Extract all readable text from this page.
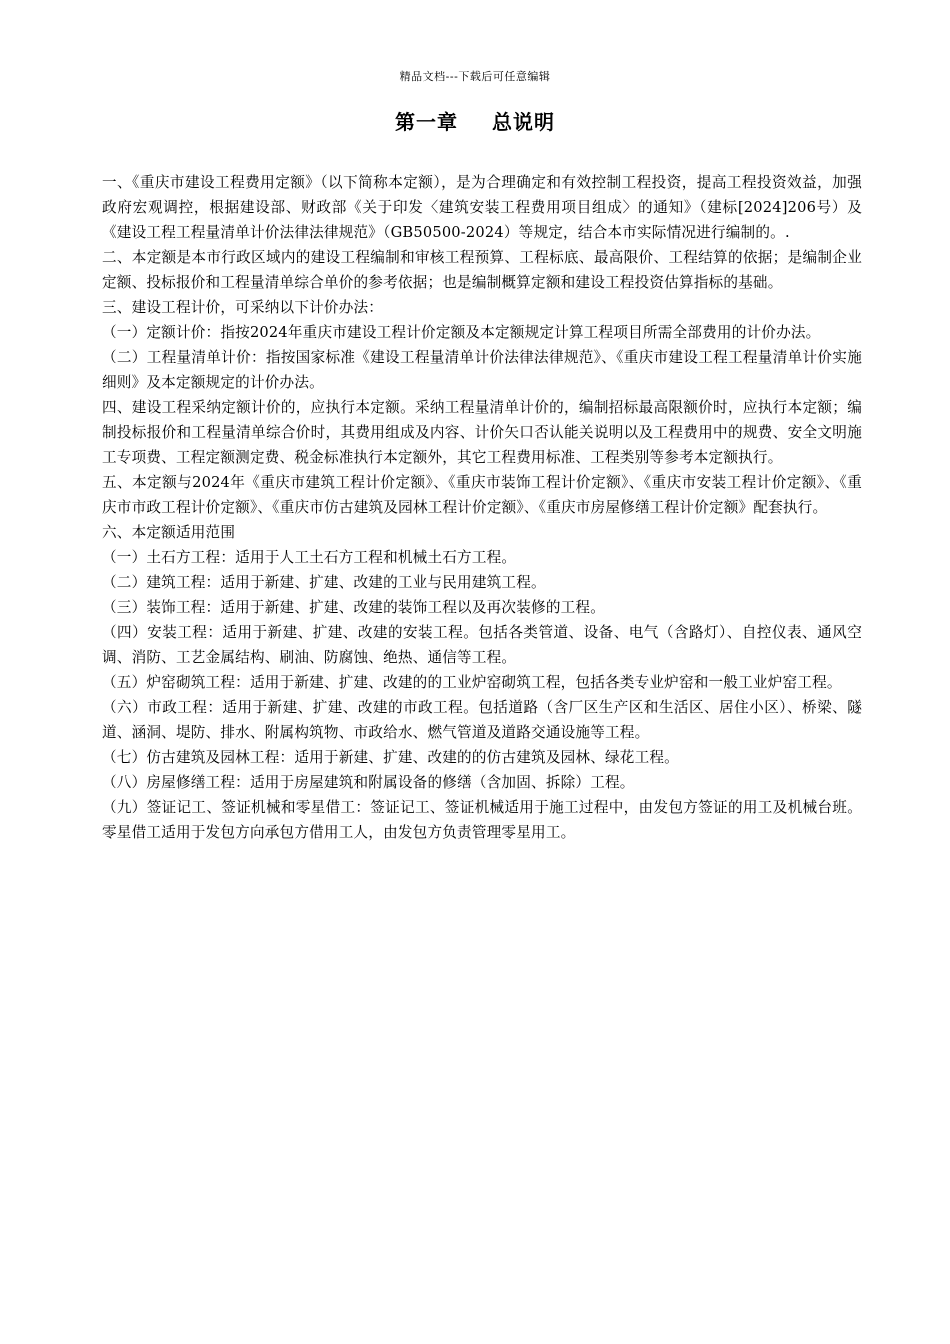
精品文档---下载后可任意编辑
第一章 总说明

一、《重庆市建设工程费用定额》（以下简称本定额），是为合理确定和有效控制工程投资，提高工程投资效益，加强政府宏观调控，根据建设部、财政部《关于印发〈建筑安装工程费用项目组成〉的通知》（建标[2024]206号）及《建设工程工程量清单计价法律法律规范》（GB50500-2024）等规定，结合本市实际情况进行编制的。.

二、本定额是本市行政区域内的建设工程编制和审核工程预算、工程标底、最高限价、工程结算的依据；是编制企业定额、投标报价和工程量清单综合单价的参考依据；也是编制概算定额和建设工程投资估算指标的基础。

三、建设工程计价，可采纳以下计价办法：

（一）定额计价：指按2024年重庆市建设工程计价定额及本定额规定计算工程项目所需全部费用的计价办法。

（二）工程量清单计价：指按国家标准《建设工程量清单计价法律法律规范》、《重庆市建设工程工程量清单计价实施细则》及本定额规定的计价办法。

四、建设工程采纳定额计价的，应执行本定额。采纳工程量清单计价的，编制招标最高限额价时，应执行本定额；编制投标报价和工程量清单综合价时，其费用组成及内容、计价矢口否认能关说明以及工程费用中的规费、安全文明施工专项费、工程定额测定费、税金标准执行本定额外，其它工程费用标准、工程类别等参考本定额执行。

五、本定额与2024年《重庆市建筑工程计价定额》、《重庆市装饰工程计价定额》、《重庆市安装工程计价定额》、《重庆市市政工程计价定额》、《重庆市仿古建筑及园林工程计价定额》、《重庆市房屋修缮工程计价定额》配套执行。

六、本定额适用范围

（一）土石方工程：适用于人工土石方工程和机械土石方工程。

（二）建筑工程：适用于新建、扩建、改建的工业与民用建筑工程。

（三）装饰工程：适用于新建、扩建、改建的装饰工程以及再次装修的工程。

（四）安装工程：适用于新建、扩建、改建的安装工程。包括各类管道、设备、电气（含路灯）、自控仪表、通风空调、消防、工艺金属结构、刷油、防腐蚀、绝热、通信等工程。

（五）炉窑砌筑工程：适用于新建、扩建、改建的的工业炉窑砌筑工程，包括各类专业炉窑和一般工业炉窑工程。

（六）市政工程：适用于新建、扩建、改建的市政工程。包括道路（含厂区生产区和生活区、居住小区）、桥梁、隧道、涵洞、堤防、排水、附属构筑物、市政给水、燃气管道及道路交通设施等工程。

（七）仿古建筑及园林工程：适用于新建、扩建、改建的的仿古建筑及园林、绿花工程。

（八）房屋修缮工程：适用于房屋建筑和附属设备的修缮（含加固、拆除）工程。

（九）签证记工、签证机械和零星借工：签证记工、签证机械适用于施工过程中，由发包方签证的用工及机械台班。零星借工适用于发包方向承包方借用工人，由发包方负责管理零星用工。
